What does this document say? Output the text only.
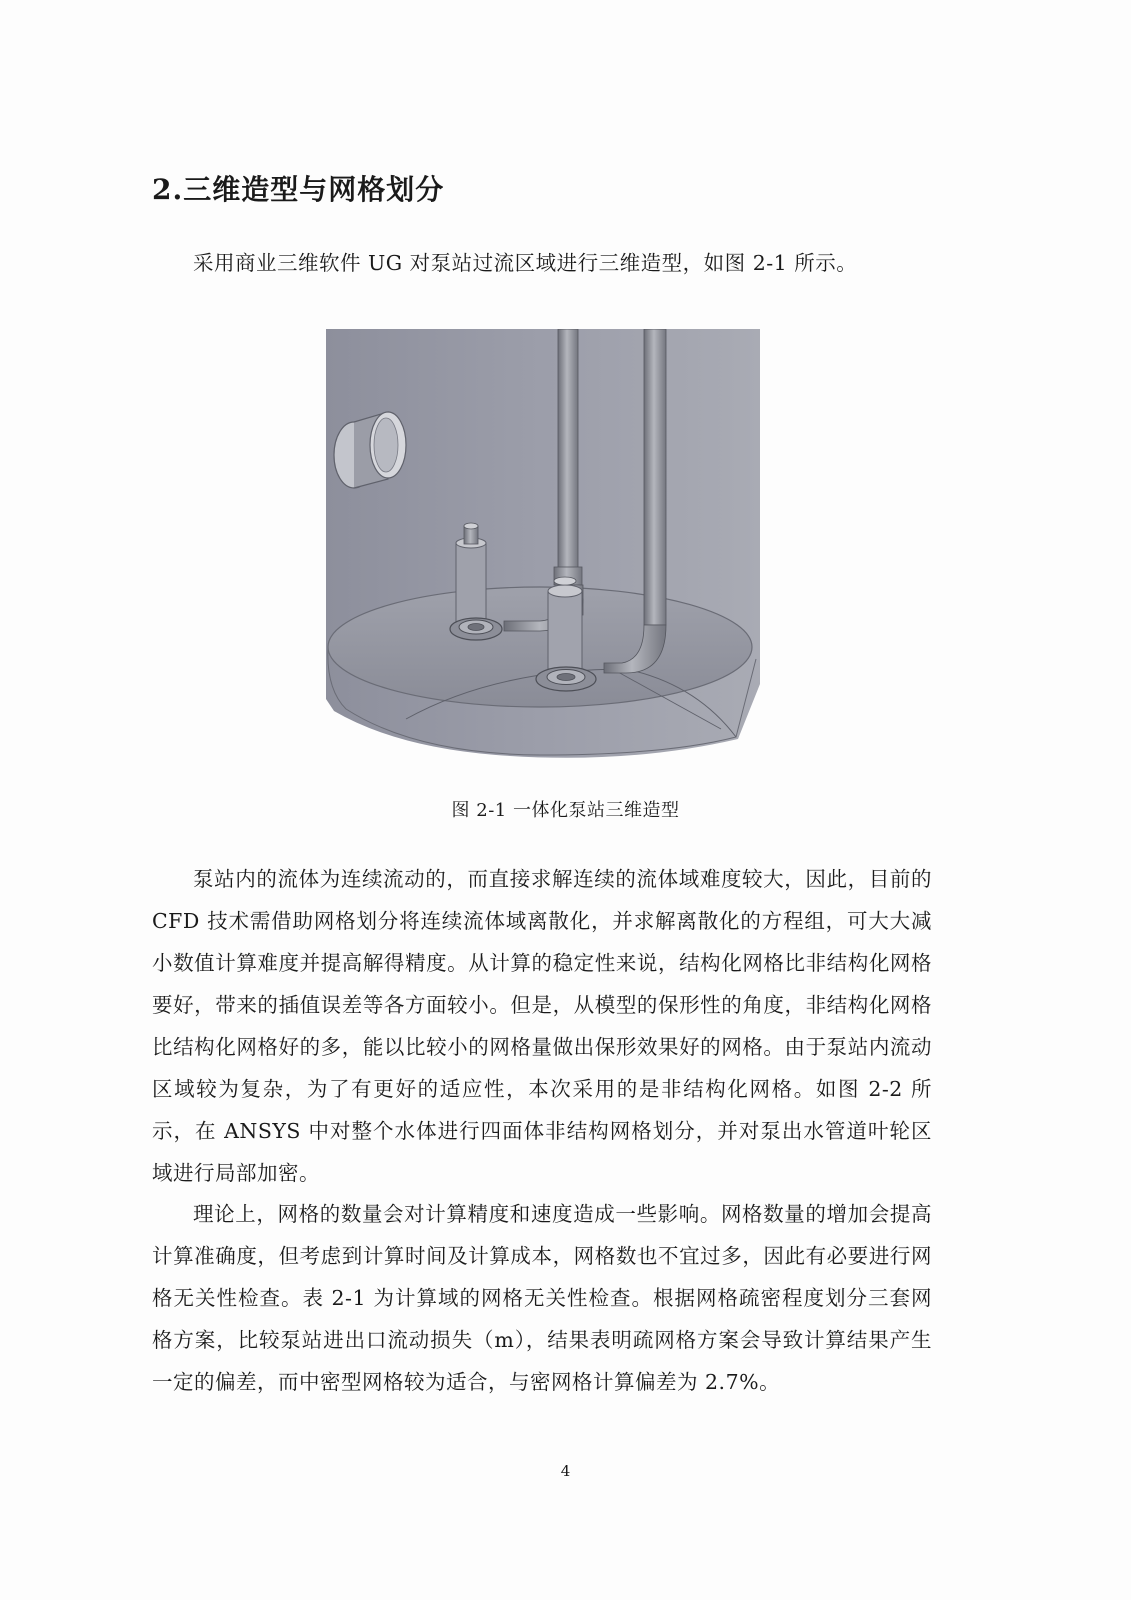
2.三维造型与网格划分

采用商业三维软件 UG 对泵站过流区域进行三维造型，如图 2-1 所示。

图 2-1 一体化泵站三维造型

泵站内的流体为连续流动的，而直接求解连续的流体域难度较大，因此，目前的 CFD 技术需借助网格划分将连续流体域离散化，并求解离散化的方程组，可大大减小数值计算难度并提高解得精度。从计算的稳定性来说，结构化网格比非结构化网格要好，带来的插值误差等各方面较小。但是，从模型的保形性的角度，非结构化网格比结构化网格好的多，能以比较小的网格量做出保形效果好的网格。由于泵站内流动区域较为复杂，为了有更好的适应性，本次采用的是非结构化网格。如图 2-2 所示，在 ANSYS 中对整个水体进行四面体非结构网格划分，并对泵出水管道叶轮区域进行局部加密。

理论上，网格的数量会对计算精度和速度造成一些影响。网格数量的增加会提高计算准确度，但考虑到计算时间及计算成本，网格数也不宜过多，因此有必要进行网格无关性检查。表 2-1 为计算域的网格无关性检查。根据网格疏密程度划分三套网格方案，比较泵站进出口流动损失（m），结果表明疏网格方案会导致计算结果产生一定的偏差，而中密型网格较为适合，与密网格计算偏差为 2.7%。

4
